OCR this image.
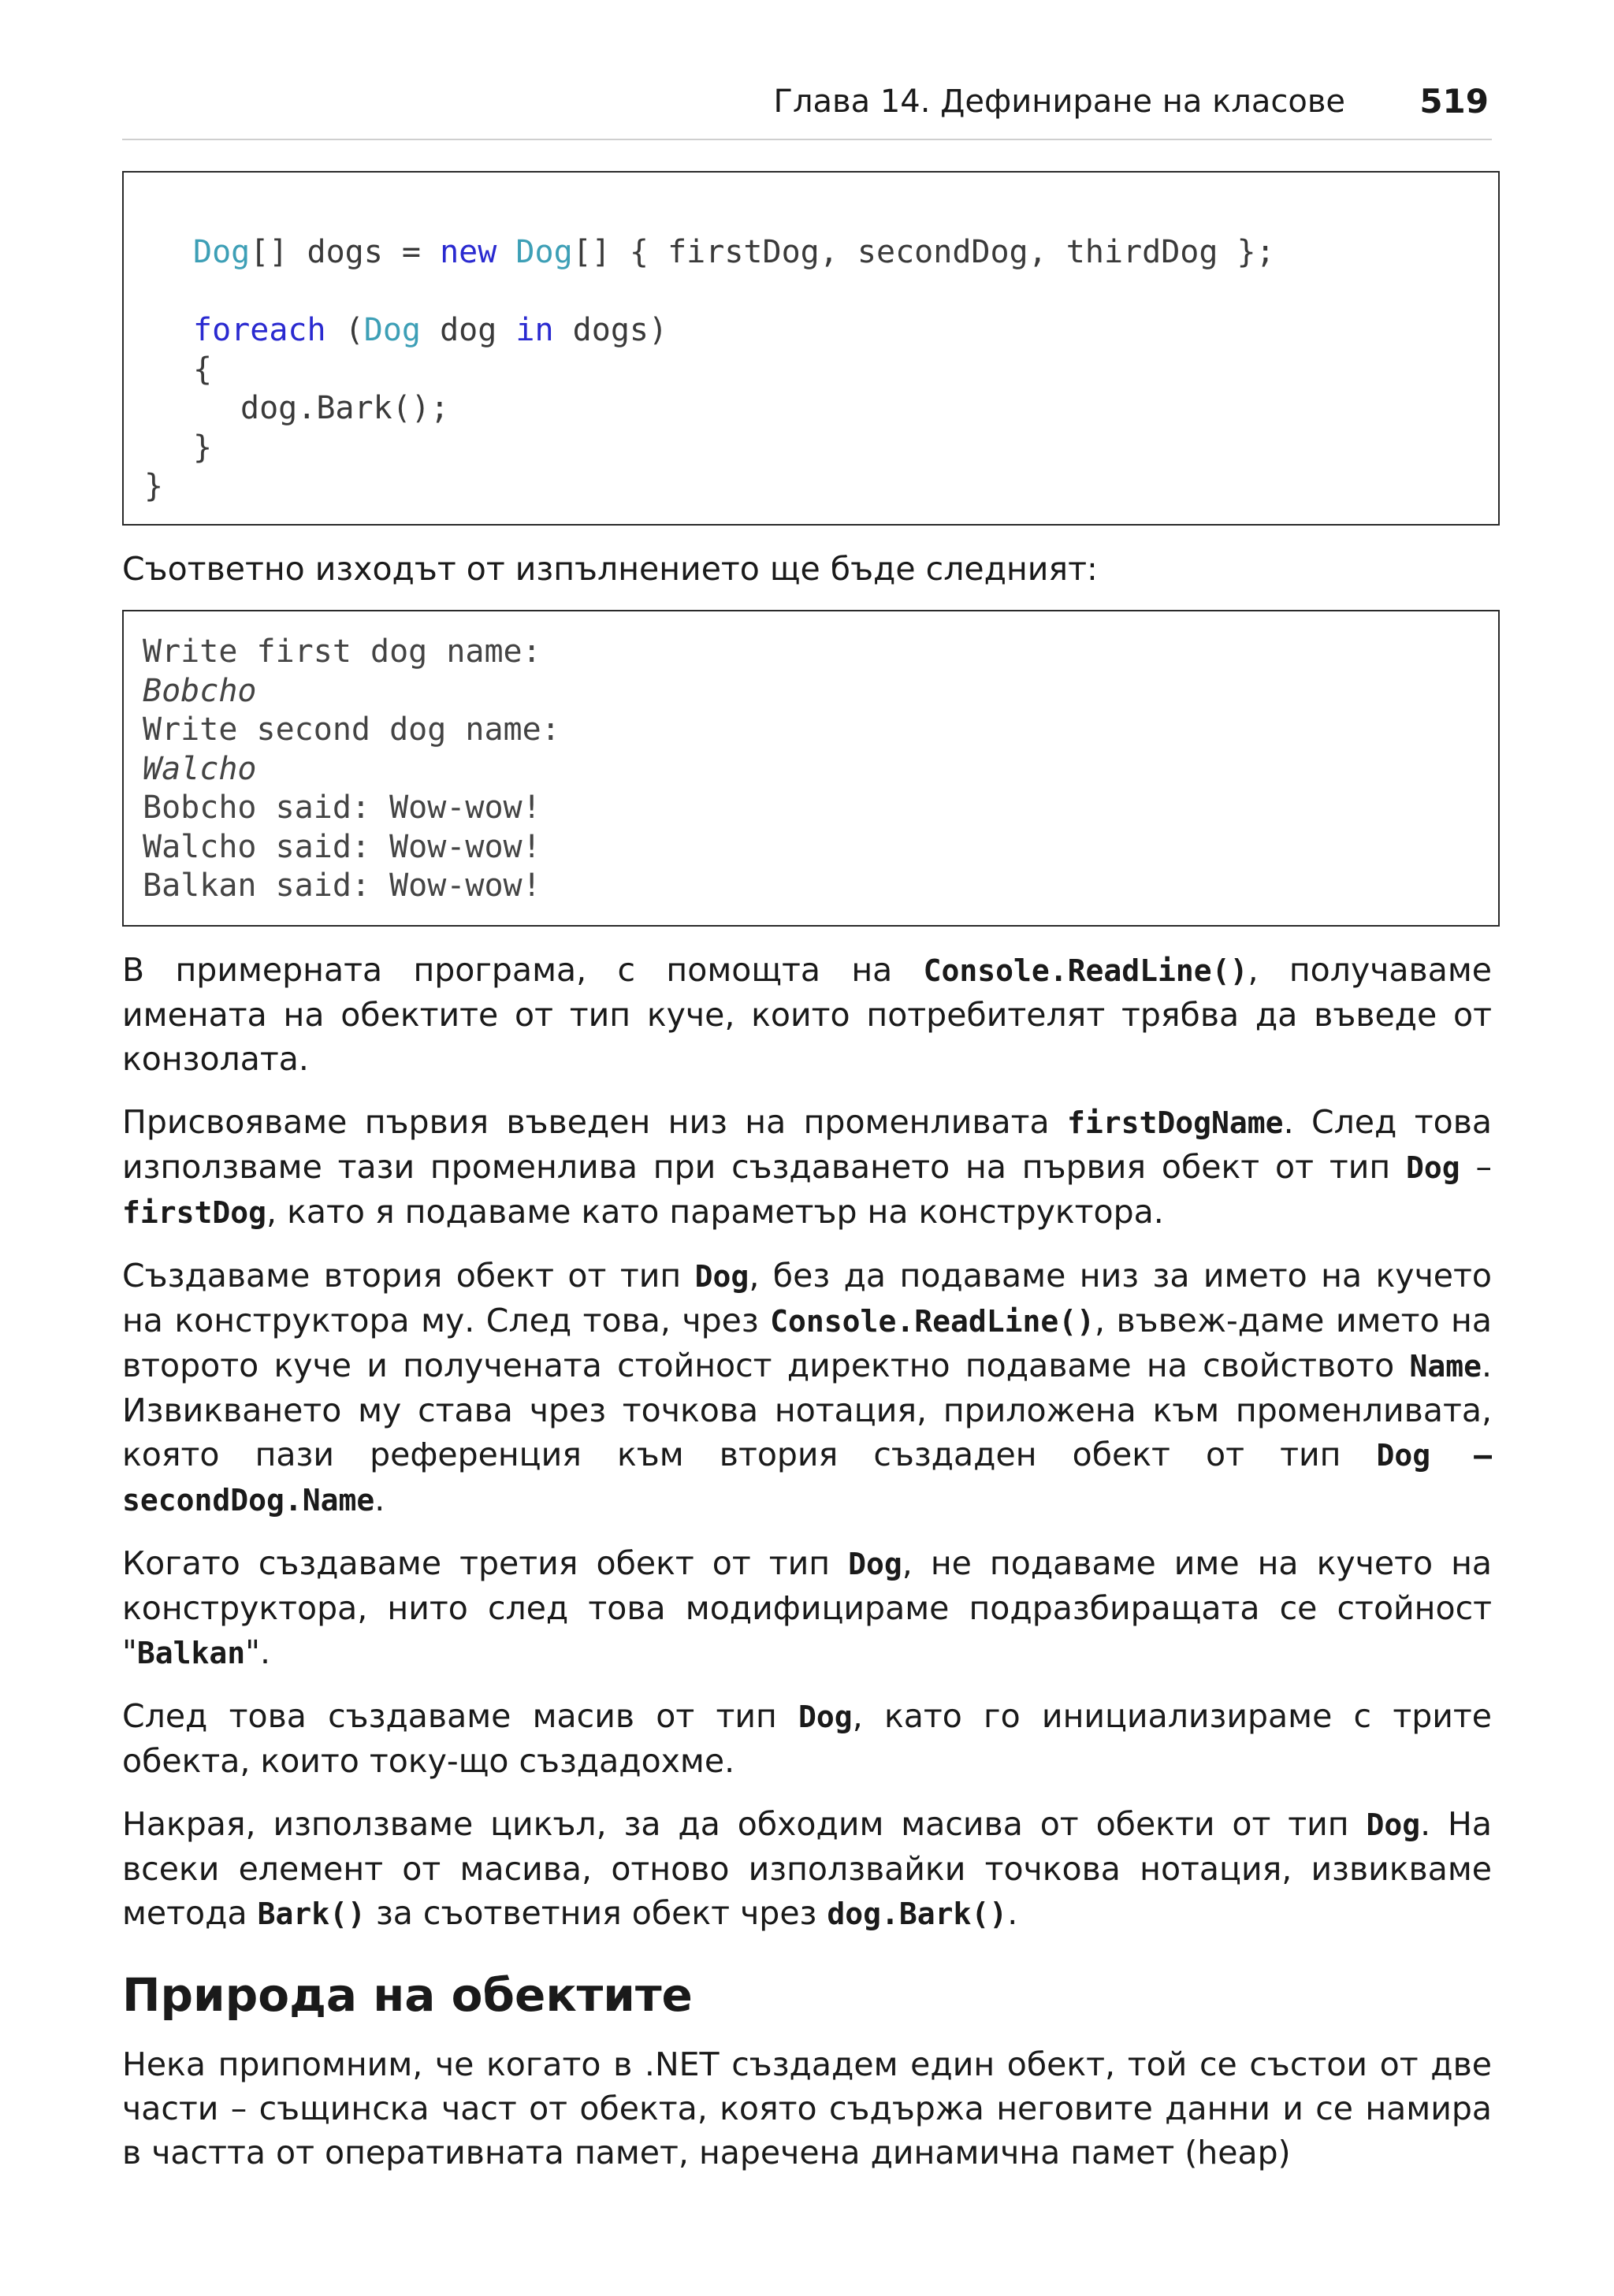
Глава 14. Дефиниране на класове 519
Dog[] dogs = new Dog[] { firstDog, secondDog, thirdDog };
foreach (Dog dog in dogs)
{
dog.Bark();
}
}

Съответно изходът от изпълнението ще бъде следният:

Write first dog name:
Bobcho
Write second dog name:
Walcho
Bobcho said: Wow-wow!
Walcho said: Wow-wow!
Balkan said: Wow-wow!

В примерната програма, с помощта на Console.ReadLine(), получаваме имената на обектите от тип куче, които потребителят трябва да въведе от конзолата.

Присвояваме първия въведен низ на променливата firstDogName. След това използваме тази променлива при създаването на първия обект от тип Dog – firstDog, като я подаваме като параметър на конструктора.

Създаваме втория обект от тип Dog, без да подаваме низ за името на кучето на конструктора му. След това, чрез Console.ReadLine(), въвеж-даме името на второто куче и получената стойност директно подаваме на свойството Name. Извикването му става чрез точкова нотация, приложена към променливата, която пази референция към втория създаден обект от тип Dog – secondDog.Name.

Когато създаваме третия обект от тип Dog, не подаваме име на кучето на конструктора, нито след това модифицираме подразбиращата се стойност "Balkan".

След това създаваме масив от тип Dog, като го инициализираме с трите обекта, които току-що създадохме.

Накрая, използваме цикъл, за да обходим масива от обекти от тип Dog. На всеки елемент от масива, отново използвайки точкова нотация, извикваме метода Bark() за съответния обект чрез dog.Bark().

Природа на обектите

Нека припомним, че когато в .NET създадем един обект, той се състои от две части – същинска част от обекта, която съдържа неговите данни и се намира в частта от оперативната памет, наречена динамична памет (heap)
